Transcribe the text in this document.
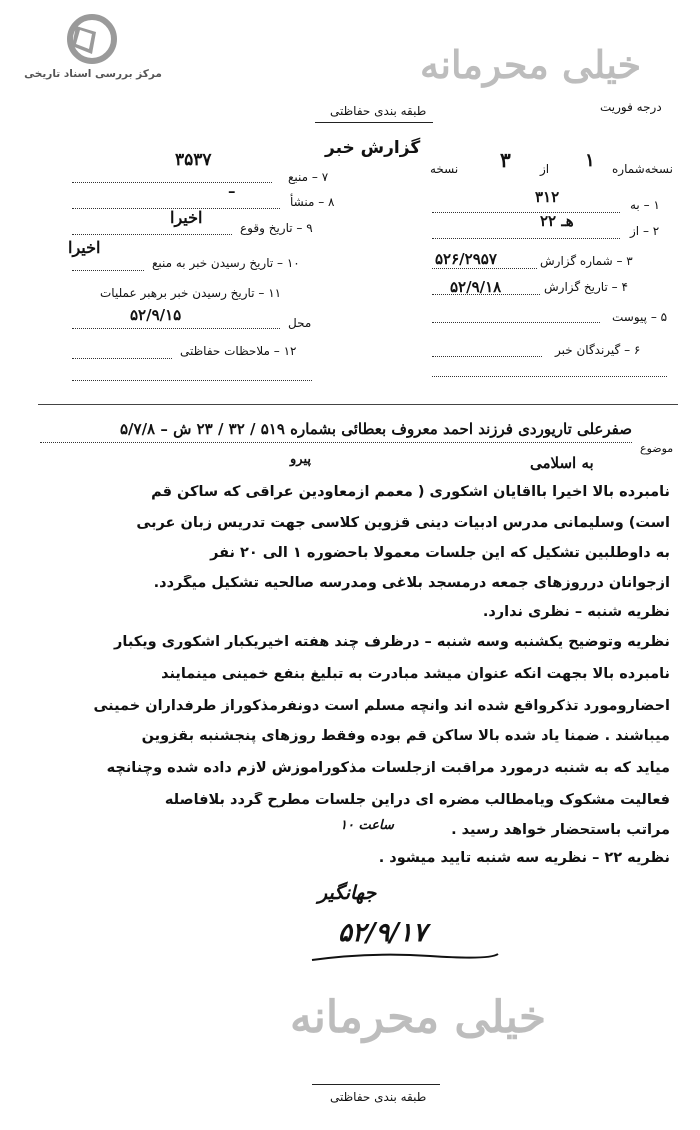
مرکز بررسی اسناد تاریخی	خیلی محرمانه
درجه فوریت
طبقه بندی حفاظتی
گزارش خبر
نسخه‌شماره
۱
از
۳
نسخه
۱ – به
۳۱۲
۲ – از
۲۲ هـ
۳ – شماره گزارش
۵۲۶/۲۹۵۷
۴ – تاریخ گزارش
۵۲/۹/۱۸
۵ – پیوست
۶ – گیرندگان خبر
۷ – منبع
۳۵۳۷
۸ – منشأ
–
۹ – تاریخ وقوع
اخیرا
۱۰ – تاریخ رسیدن خبر به منبع
اخیرا
۱۱ – تاریخ رسیدن خبر برهبر عملیات
محل
۵۲/۹/۱۵
۱۲ – ملاحظات حفاظتی
موضوع
صفرعلی تاریوردی فرزند احمد معروف بعطائی بشماره ۵۱۹ / ۳۲ / ۲۳ ش – ۵/۷/۸
پیرو	به اسلامی
نامبرده بالا اخیرا باآقایان اشکوری ( معمم ازمعاودین عراقی که ساکن قم
است) وسلیمانی مدرس ادبیات دینی قزوین کلاسی جهت تدریس زبان عربی
به داوطلبین تشکیل که این جلسات معمولا باحضوره ۱ الی ۲۰ نفر
ازجوانان درروزهای جمعه درمسجد بلاغی ومدرسه صالحیه تشکیل میگردد.
نظریه شنبه – نظری ندارد.
نظریه وتوضیح یکشنبه وسه شنبه – درظرف چند هفته اخیریکبار اشکوری ویکبار
نامبرده بالا بجهت آنکه عنوان میشد مبادرت به تبلیغ بنفع خمینی مینمایند
احضارومورد تذکرواقع شده اند وآنچه مسلم است دونفرمذکوراز طرفداران خمینی
میباشند . ضمنا یاد شده بالا ساکن قم بوده وفقط روزهای پنجشنبه بقزوین
میآید که به شنبه درمورد مراقبت ازجلسات مذکورآموزش لازم داده شده وچنانچه
فعالیت مشکوک ویامطالب مضره ای دراین جلسات مطرح گردد بلافاصله
مراتب باستحضار خواهد رسید .
نظریه ۲۲ – نظریه سه شنبه تایید میشود .
۱۰ ساعت
جهانگیر
۵۲/۹/۱۷
خیلی محرمانه
طبقه بندی حفاظتی
